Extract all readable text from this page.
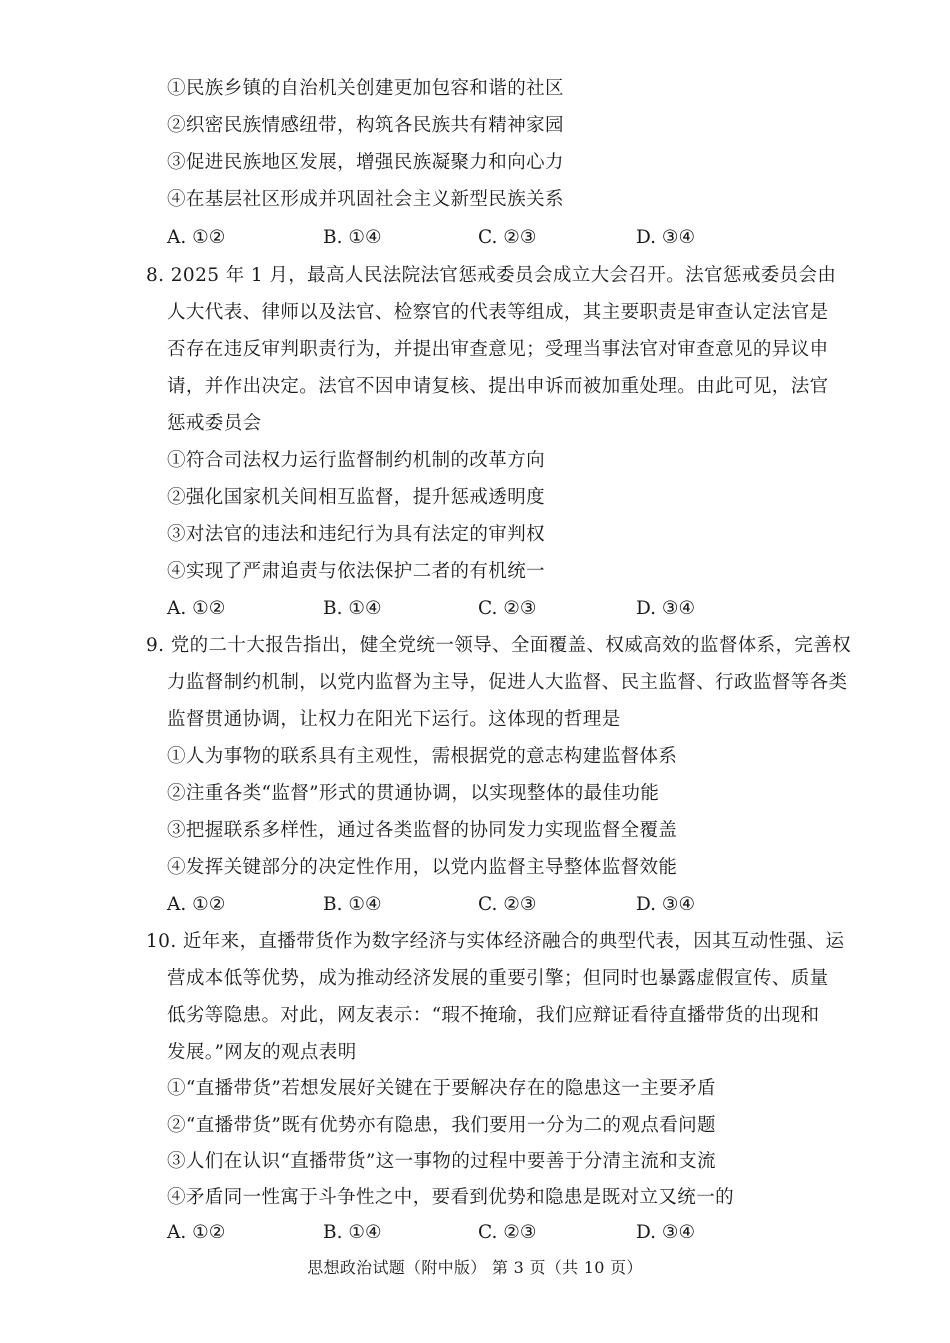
①民族乡镇的自治机关创建更加包容和谐的社区
②织密民族情感纽带，构筑各民族共有精神家园
③促进民族地区发展，增强民族凝聚力和向心力
④在基层社区形成并巩固社会主义新型民族关系
A. ①②	B. ①④	C. ②③	D. ③④
8. 2025 年 1 月，最高人民法院法官惩戒委员会成立大会召开。法官惩戒委员会由
人大代表、律师以及法官、检察官的代表等组成，其主要职责是审查认定法官是
否存在违反审判职责行为，并提出审查意见；受理当事法官对审查意见的异议申
请，并作出决定。法官不因申请复核、提出申诉而被加重处理。由此可见，法官
惩戒委员会
①符合司法权力运行监督制约机制的改革方向
②强化国家机关间相互监督，提升惩戒透明度
③对法官的违法和违纪行为具有法定的审判权
④实现了严肃追责与依法保护二者的有机统一
A. ①②	B. ①④	C. ②③	D. ③④
9. 党的二十大报告指出，健全党统一领导、全面覆盖、权威高效的监督体系，完善权
力监督制约机制，以党内监督为主导，促进人大监督、民主监督、行政监督等各类
监督贯通协调，让权力在阳光下运行。这体现的哲理是
①人为事物的联系具有主观性，需根据党的意志构建监督体系
②注重各类“监督”形式的贯通协调，以实现整体的最佳功能
③把握联系多样性，通过各类监督的协同发力实现监督全覆盖
④发挥关键部分的决定性作用，以党内监督主导整体监督效能
A. ①②	B. ①④	C. ②③	D. ③④
10. 近年来，直播带货作为数字经济与实体经济融合的典型代表，因其互动性强、运
营成本低等优势，成为推动经济发展的重要引擎；但同时也暴露虚假宣传、质量
低劣等隐患。对此，网友表示：“瑕不掩瑜，我们应辩证看待直播带货的出现和
发展。”网友的观点表明
①“直播带货”若想发展好关键在于要解决存在的隐患这一主要矛盾
②“直播带货”既有优势亦有隐患，我们要用一分为二的观点看问题
③人们在认识“直播带货”这一事物的过程中要善于分清主流和支流
④矛盾同一性寓于斗争性之中，要看到优势和隐患是既对立又统一的
A. ①②	B. ①④	C. ②③	D. ③④
思想政治试题（附中版） 第 3 页（共 10 页）
